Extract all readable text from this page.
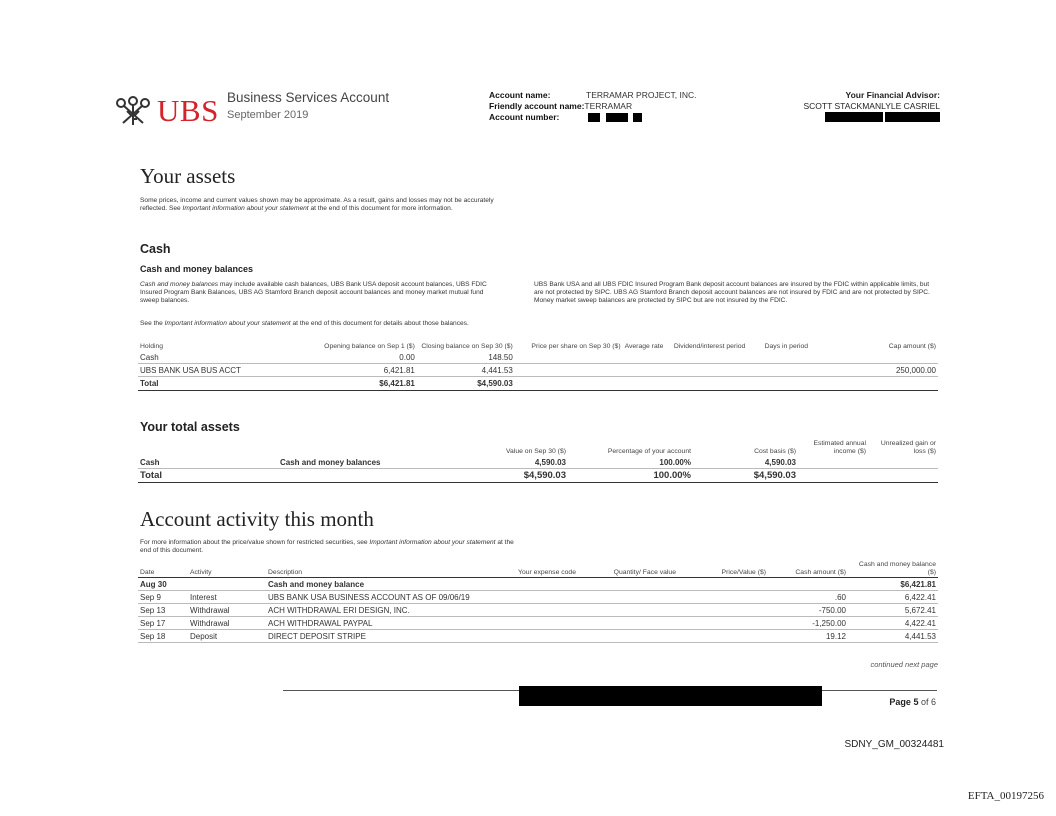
UBS Business Services Account
September 2019
Account name:	TERRAMAR PROJECT, INC.
Friendly account name:TERRAMAR
Account number:
Your Financial Advisor:
SCOTT STACKMANLYLE CASRIEL
Your assets
Some prices, income and current values shown may be approximate. As a result, gains and losses may not be accurately reflected. See Important information about your statement at the end of this document for more information.
Cash
Cash and money balances
Cash and money balances may include available cash balances, UBS Bank USA deposit account balances, UBS FDIC Insured Program Bank Balances, UBS AG Stamford Branch deposit account balances and money market mutual fund sweep balances.
See the Important information about your statement at the end of this document for details about those balances.
UBS Bank USA and all UBS FDIC Insured Program Bank deposit account balances are insured by the FDIC within applicable limits, but are not protected by SIPC. UBS AG Stamford Branch deposit account balances are not insured by FDIC and are not protected by SIPC. Money market sweep balances are protected by SIPC but are not insured by the FDIC.
Holding	Opening balance on Sep 1 ($)	Closing balance on Sep 30 ($)	Price per share on Sep 30 ($)	Average rate	Dividend/interest period	Days in period	Cap amount ($)
Cash	0.00	148.50					
UBS BANK USA BUS ACCT	6,421.81	4,441.53					250,000.00
Total	$6,421.81	$4,590.03					
Your total assets
		Value on Sep 30 ($)	Percentage of your account	Cost basis ($)	Estimated annual income ($)	Unrealized gain or loss ($)
Cash	Cash and money balances	4,590.03	100.00%	4,590.03		
Total		$4,590.03	100.00%	$4,590.03		
Account activity this month
For more information about the price/value shown for restricted securities, see Important information about your statement at the end of this document.
Date	Activity	Description	Your expense code	Quantity/ Face value	Price/Value ($)	Cash amount ($)	Cash and money balance ($)
Aug 30		Cash and money balance					$6,421.81
Sep 9	Interest	UBS BANK USA BUSINESS ACCOUNT AS OF 09/06/19				.60	6,422.41
Sep 13	Withdrawal	ACH WITHDRAWAL ERI DESIGN, INC.				-750.00	5,672.41
Sep 17	Withdrawal	ACH WITHDRAWAL PAYPAL				-1,250.00	4,422.41
Sep 18	Deposit	DIRECT DEPOSIT STRIPE				19.12	4,441.53
continued next page
Page 5 of 6
SDNY_GM_00324481
EFTA_00197256
